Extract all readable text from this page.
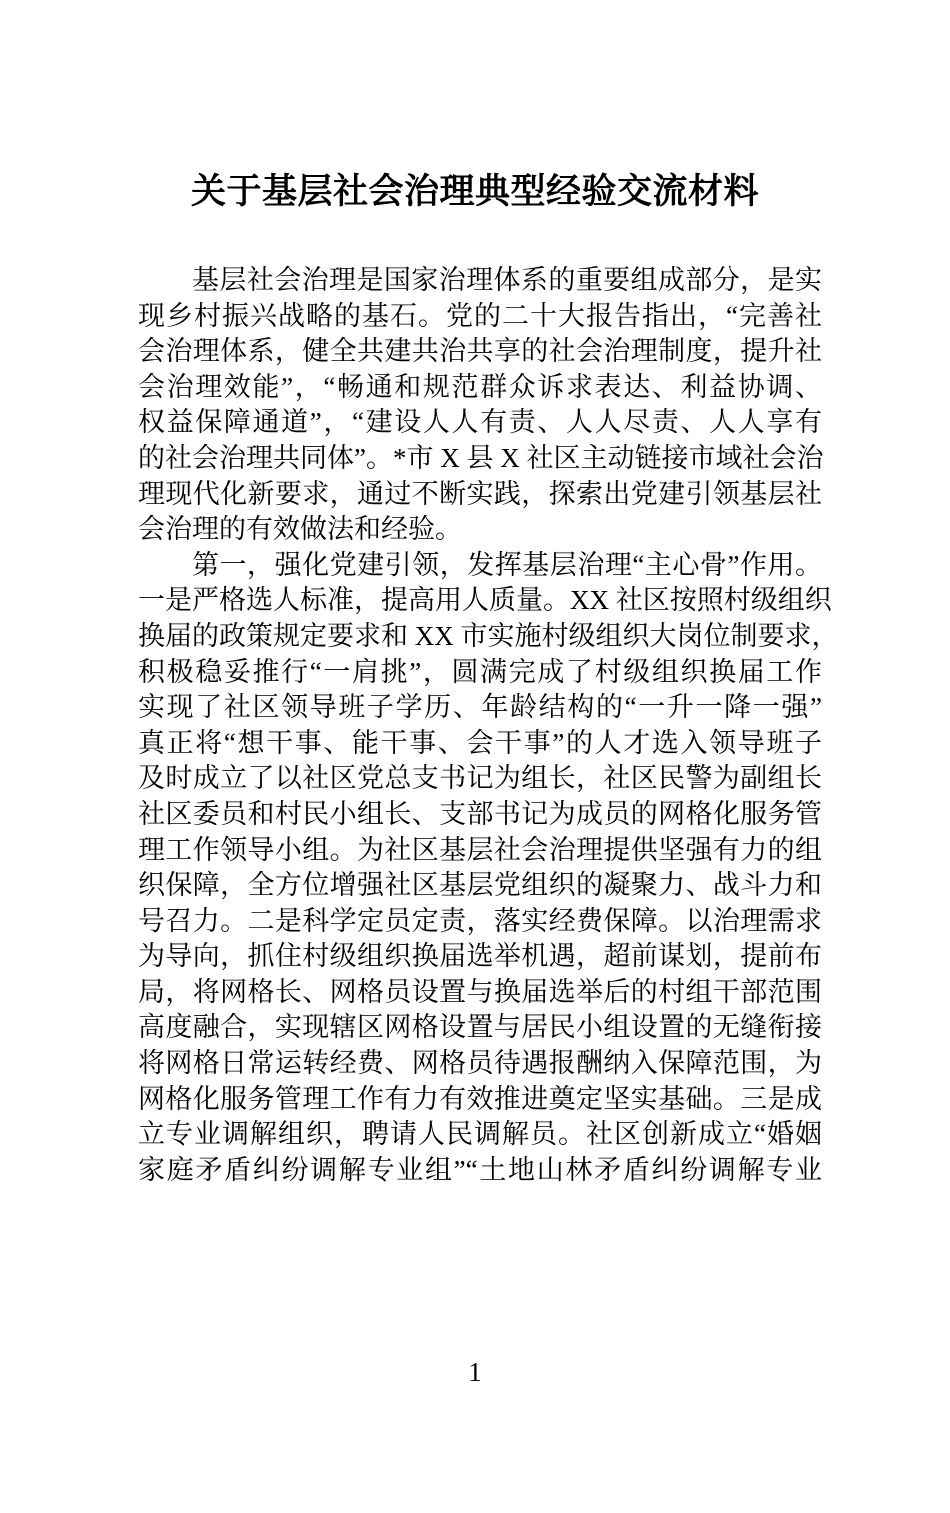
关于基层社会治理典型经验交流材料
基层社会治理是国家治理体系的重要组成部分，是实
现乡村振兴战略的基石。党的二十大报告指出，“完善社
会治理体系，健全共建共治共享的社会治理制度，提升社
会治理效能”，“畅通和规范群众诉求表达、利益协调、
权益保障通道”，“建设人人有责、人人尽责、人人享有
的社会治理共同体”。*市 X 县 X 社区主动链接市域社会治
理现代化新要求，通过不断实践，探索出党建引领基层社
会治理的有效做法和经验。
第一，强化党建引领，发挥基层治理“主心骨”作用。
一是严格选人标准，提高用人质量。XX 社区按照村级组织
换届的政策规定要求和 XX 市实施村级组织大岗位制要求，
积极稳妥推行“一肩挑”，圆满完成了村级组织换届工作
实现了社区领导班子学历、年龄结构的“一升一降一强”
真正将“想干事、能干事、会干事”的人才选入领导班子
及时成立了以社区党总支书记为组长，社区民警为副组长
社区委员和村民小组长、支部书记为成员的网格化服务管
理工作领导小组。为社区基层社会治理提供坚强有力的组
织保障，全方位增强社区基层党组织的凝聚力、战斗力和
号召力。二是科学定员定责，落实经费保障。以治理需求
为导向，抓住村级组织换届选举机遇，超前谋划，提前布
局，将网格长、网格员设置与换届选举后的村组干部范围
高度融合，实现辖区网格设置与居民小组设置的无缝衔接
将网格日常运转经费、网格员待遇报酬纳入保障范围，为
网格化服务管理工作有力有效推进奠定坚实基础。三是成
立专业调解组织，聘请人民调解员。社区创新成立“婚姻
家庭矛盾纠纷调解专业组”“土地山林矛盾纠纷调解专业
1
